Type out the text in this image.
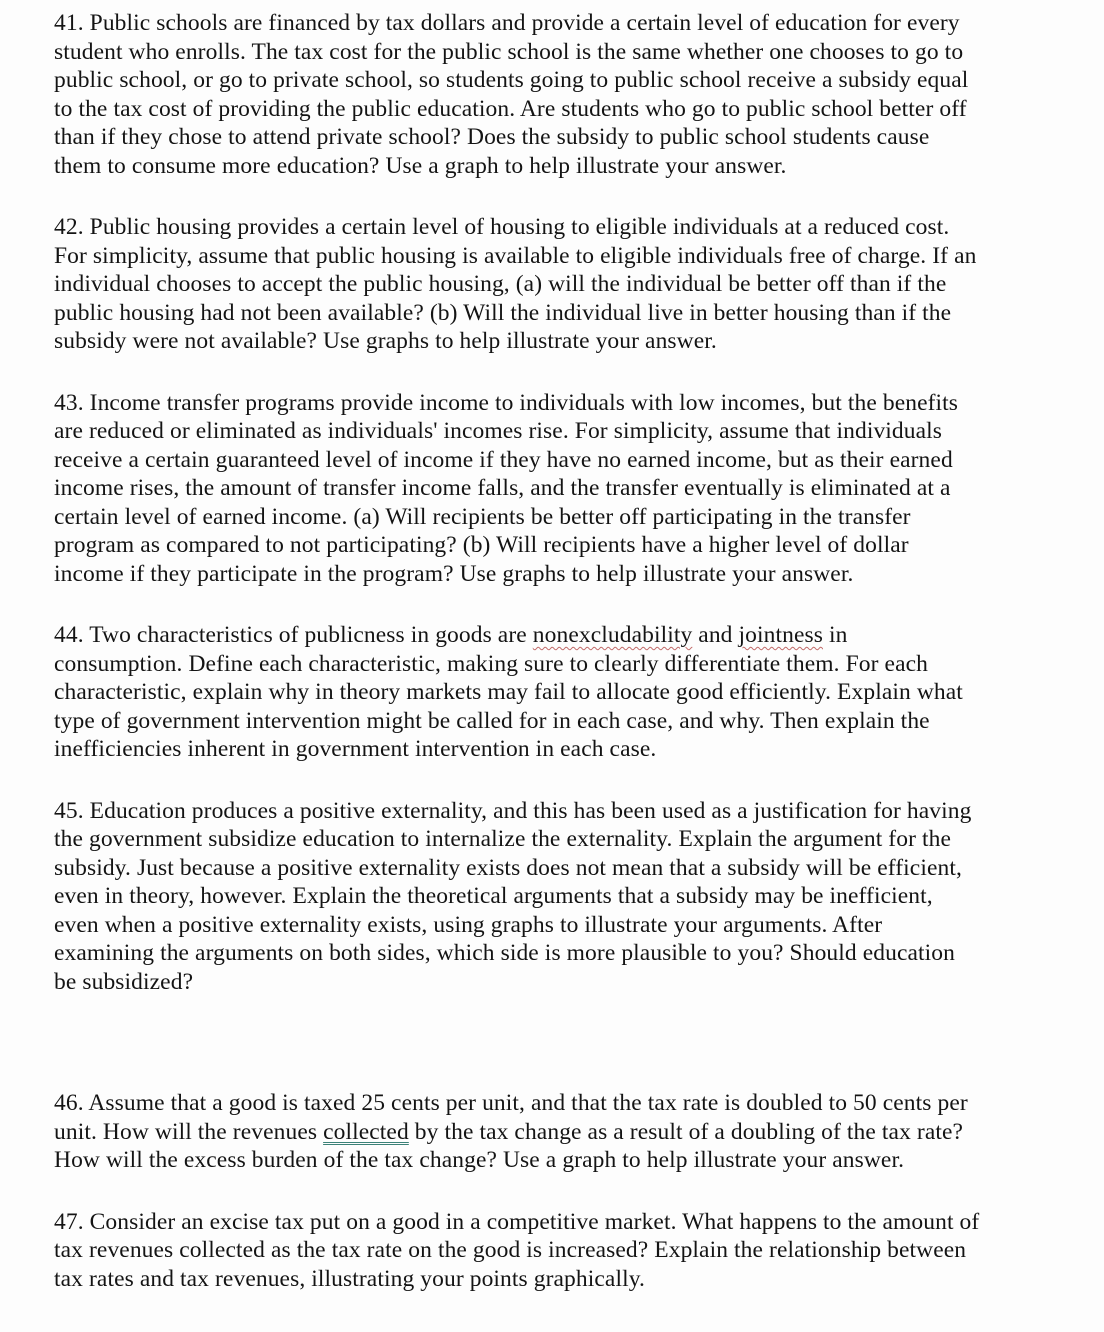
41. Public schools are financed by tax dollars and provide a certain level of education for every
student who enrolls. The tax cost for the public school is the same whether one chooses to go to
public school, or go to private school, so students going to public school receive a subsidy equal
to the tax cost of providing the public education. Are students who go to public school better off
than if they chose to attend private school? Does the subsidy to public school students cause
them to consume more education? Use a graph to help illustrate your answer.
42. Public housing provides a certain level of housing to eligible individuals at a reduced cost.
For simplicity, assume that public housing is available to eligible individuals free of charge. If an
individual chooses to accept the public housing, (a) will the individual be better off than if the
public housing had not been available? (b) Will the individual live in better housing than if the
subsidy were not available? Use graphs to help illustrate your answer.
43. Income transfer programs provide income to individuals with low incomes, but the benefits
are reduced or eliminated as individuals' incomes rise. For simplicity, assume that individuals
receive a certain guaranteed level of income if they have no earned income, but as their earned
income rises, the amount of transfer income falls, and the transfer eventually is eliminated at a
certain level of earned income. (a) Will recipients be better off participating in the transfer
program as compared to not participating? (b) Will recipients have a higher level of dollar
income if they participate in the program? Use graphs to help illustrate your answer.
44. Two characteristics of publicness in goods are nonexcludability and jointness in
consumption. Define each characteristic, making sure to clearly differentiate them. For each
characteristic, explain why in theory markets may fail to allocate good efficiently. Explain what
type of government intervention might be called for in each case, and why. Then explain the
inefficiencies inherent in government intervention in each case.
45. Education produces a positive externality, and this has been used as a justification for having
the government subsidize education to internalize the externality. Explain the argument for the
subsidy. Just because a positive externality exists does not mean that a subsidy will be efficient,
even in theory, however. Explain the theoretical arguments that a subsidy may be inefficient,
even when a positive externality exists, using graphs to illustrate your arguments. After
examining the arguments on both sides, which side is more plausible to you? Should education
be subsidized?
46. Assume that a good is taxed 25 cents per unit, and that the tax rate is doubled to 50 cents per
unit. How will the revenues collected by the tax change as a result of a doubling of the tax rate?
How will the excess burden of the tax change? Use a graph to help illustrate your answer.
47. Consider an excise tax put on a good in a competitive market. What happens to the amount of
tax revenues collected as the tax rate on the good is increased? Explain the relationship between
tax rates and tax revenues, illustrating your points graphically.
